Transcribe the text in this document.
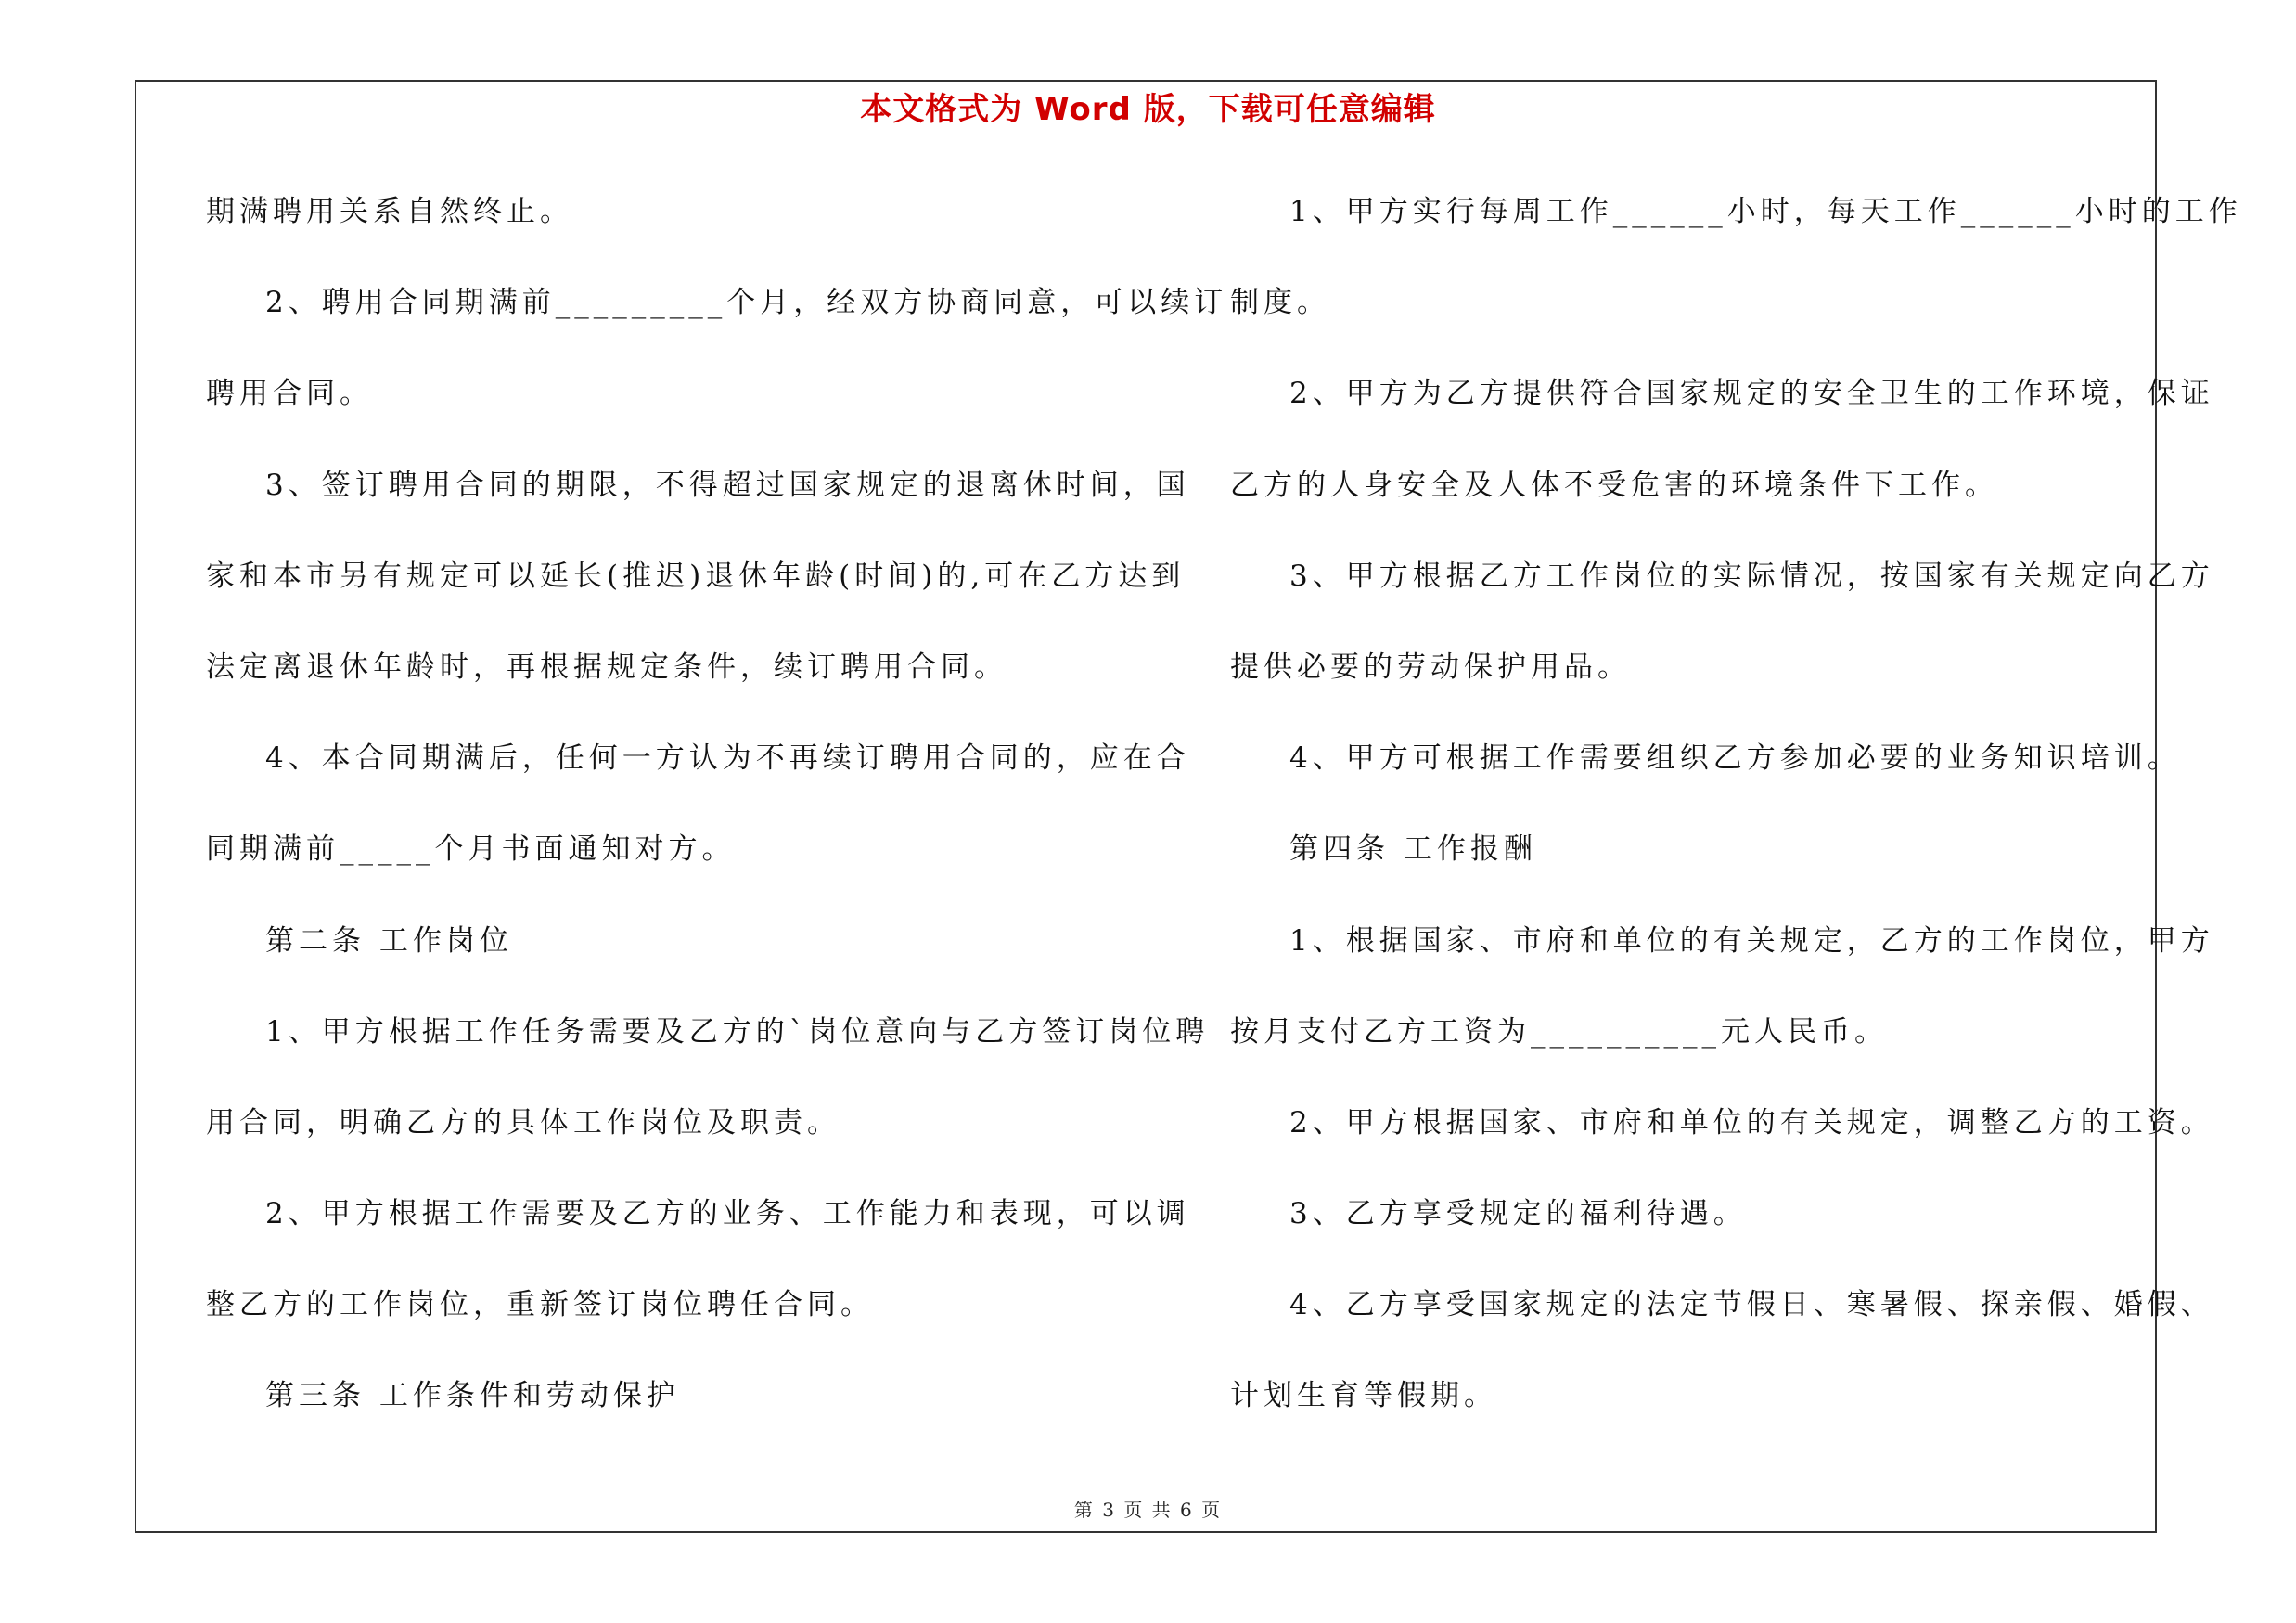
本文格式为 Word 版，下载可任意编辑
期满聘用关系自然终止。
2、聘用合同期满前_________个月，经双方协商同意，可以续订
聘用合同。
3、签订聘用合同的期限，不得超过国家规定的退离休时间，国
家和本市另有规定可以延长(推迟)退休年龄(时间)的,可在乙方达到
法定离退休年龄时，再根据规定条件，续订聘用合同。
4、本合同期满后，任何一方认为不再续订聘用合同的，应在合
同期满前_____个月书面通知对方。
第二条 工作岗位
1、甲方根据工作任务需要及乙方的`岗位意向与乙方签订岗位聘
用合同，明确乙方的具体工作岗位及职责。
2、甲方根据工作需要及乙方的业务、工作能力和表现，可以调
整乙方的工作岗位，重新签订岗位聘任合同。
第三条 工作条件和劳动保护
1、甲方实行每周工作______小时，每天工作______小时的工作
制度。
2、甲方为乙方提供符合国家规定的安全卫生的工作环境，保证
乙方的人身安全及人体不受危害的环境条件下工作。
3、甲方根据乙方工作岗位的实际情况，按国家有关规定向乙方
提供必要的劳动保护用品。
4、甲方可根据工作需要组织乙方参加必要的业务知识培训。
第四条 工作报酬
1、根据国家、市府和单位的有关规定，乙方的工作岗位，甲方
按月支付乙方工资为__________元人民币。
2、甲方根据国家、市府和单位的有关规定，调整乙方的工资。
3、乙方享受规定的福利待遇。
4、乙方享受国家规定的法定节假日、寒暑假、探亲假、婚假、
计划生育等假期。
第 3 页 共 6 页
